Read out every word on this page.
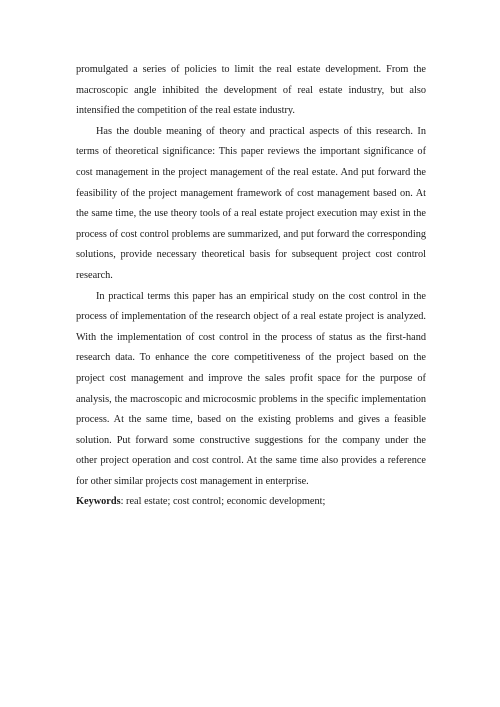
promulgated a series of policies to limit the real estate development. From the macroscopic angle inhibited the development of real estate industry, but also intensified the competition of the real estate industry.

Has the double meaning of theory and practical aspects of this research. In terms of theoretical significance: This paper reviews the important significance of cost management in the project management of the real estate. And put forward the feasibility of the project management framework of cost management based on. At the same time, the use theory tools of a real estate project execution may exist in the process of cost control problems are summarized, and put forward the corresponding solutions, provide necessary theoretical basis for subsequent project cost control research.

In practical terms this paper has an empirical study on the cost control in the process of implementation of the research object of a real estate project is analyzed. With the implementation of cost control in the process of status as the first-hand research data. To enhance the core competitiveness of the project based on the project cost management and improve the sales profit space for the purpose of analysis, the macroscopic and microcosmic problems in the specific implementation process. At the same time, based on the existing problems and gives a feasible solution. Put forward some constructive suggestions for the company under the other project operation and cost control. At the same time also provides a reference for other similar projects cost management in enterprise.

Keywords: real estate; cost control; economic development;
